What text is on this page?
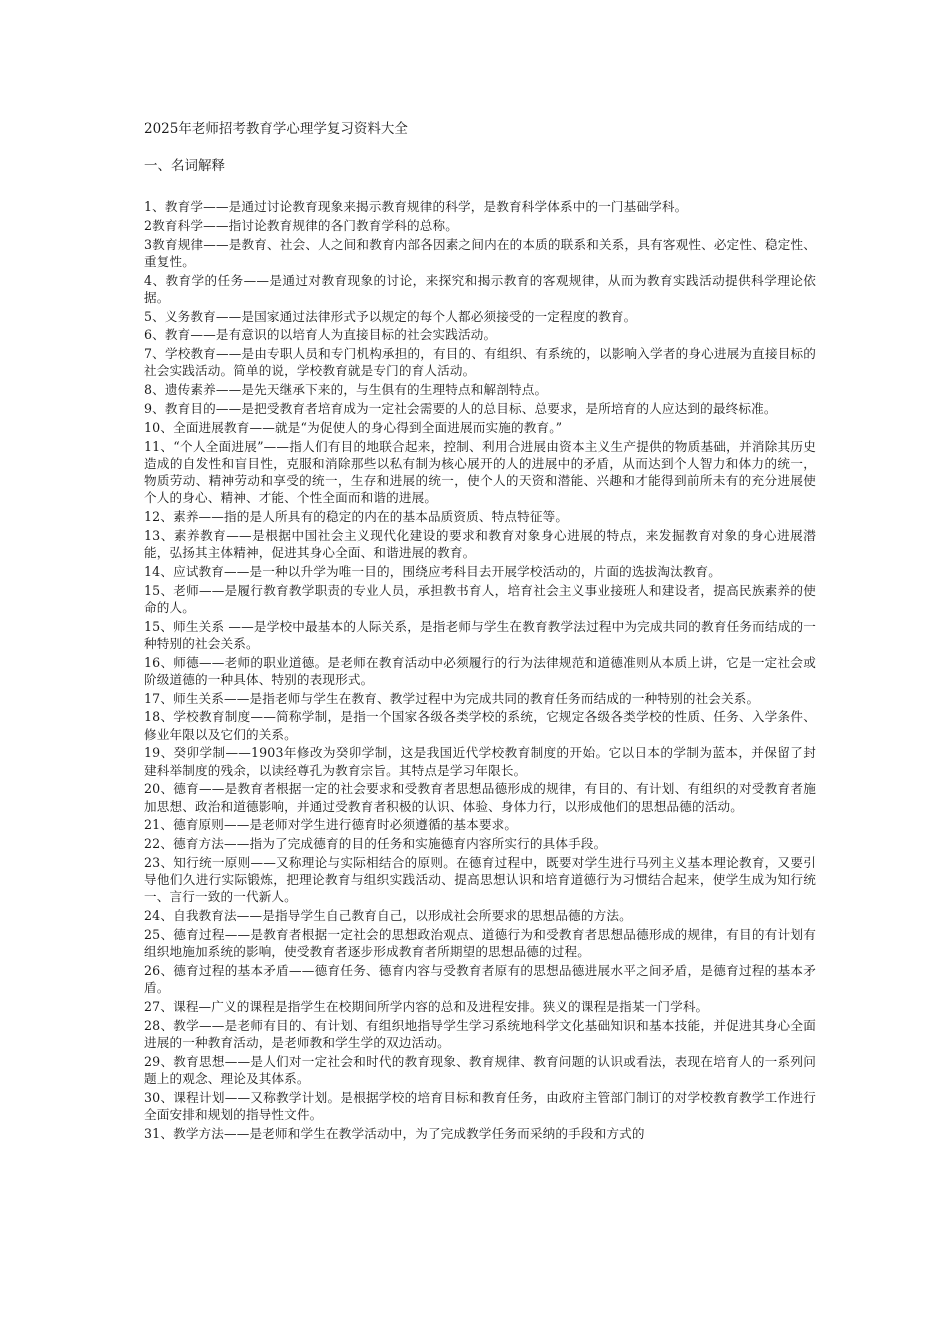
2025年老师招考教育学心理学复习资料大全
一、名词解释
1、教育学——是通过讨论教育现象来揭示教育规律的科学，是教育科学体系中的一门基础学科。
2教育科学——指讨论教育规律的各门教育学科的总称。
3教育规律——是教育、社会、人之间和教育内部各因素之间内在的本质的联系和关系，具有客观性、必定性、稳定性、重复性。
4、教育学的任务——是通过对教育现象的讨论，来探究和揭示教育的客观规律，从而为教育实践活动提供科学理论依据。
5、义务教育——是国家通过法律形式予以规定的每个人都必须接受的一定程度的教育。
6、教育——是有意识的以培育人为直接目标的社会实践活动。
7、学校教育——是由专职人员和专门机构承担的，有目的、有组织、有系统的，以影响入学者的身心进展为直接目标的社会实践活动。简单的说，学校教育就是专门的育人活动。
8、遗传素养——是先天继承下来的，与生俱有的生理特点和解剖特点。
9、教育目的——是把受教育者培育成为一定社会需要的人的总目标、总要求，是所培育的人应达到的最终标准。
10、全面进展教育——就是“为促使人的身心得到全面进展而实施的教育。”
11、“个人全面进展”——指人们有目的地联合起来，控制、利用合进展由资本主义生产提供的物质基础，并消除其历史造成的自发性和盲目性，克服和消除那些以私有制为核心展开的人的进展中的矛盾，从而达到个人智力和体力的统一，物质劳动、精神劳动和享受的统一，生存和进展的统一，使个人的天资和潜能、兴趣和才能得到前所未有的充分进展使个人的身心、精神、才能、个性全面而和谐的进展。
12、素养——指的是人所具有的稳定的内在的基本品质资质、特点特征等。
13、素养教育——是根据中国社会主义现代化建设的要求和教育对象身心进展的特点，来发掘教育对象的身心进展潜能，弘扬其主体精神，促进其身心全面、和谐进展的教育。
14、应试教育——是一种以升学为唯一目的，围绕应考科目去开展学校活动的，片面的选拔淘汰教育。
15、老师——是履行教育教学职责的专业人员，承担教书育人，培育社会主义事业接班人和建设者，提高民族素养的使命的人。
15、师生关系 ——是学校中最基本的人际关系，是指老师与学生在教育教学法过程中为完成共同的教育任务而结成的一种特别的社会关系。
16、师德——老师的职业道德。是老师在教育活动中必须履行的行为法律规范和道德准则从本质上讲，它是一定社会或阶级道德的一种具体、特别的表现形式。
17、师生关系——是指老师与学生在教育、教学过程中为完成共同的教育任务而结成的一种特别的社会关系。
18、学校教育制度——简称学制，是指一个国家各级各类学校的系统，它规定各级各类学校的性质、任务、入学条件、修业年限以及它们的关系。
19、癸卯学制——1903年修改为癸卯学制，这是我国近代学校教育制度的开始。它以日本的学制为蓝本，并保留了封建科举制度的残余，以读经尊孔为教育宗旨。其特点是学习年限长。
20、德育——是教育者根据一定的社会要求和受教育者思想品德形成的规律，有目的、有计划、有组织的对受教育者施加思想、政治和道德影响，并通过受教育者积极的认识、体验、身体力行，以形成他们的思想品德的活动。
21、德育原则——是老师对学生进行德育时必须遵循的基本要求。
22、德育方法——指为了完成德育的目的任务和实施德育内容所实行的具体手段。
23、知行统一原则——又称理论与实际相结合的原则。在德育过程中，既要对学生进行马列主义基本理论教育，又要引导他们久进行实际锻炼，把理论教育与组织实践活动、提高思想认识和培育道德行为习惯结合起来，使学生成为知行统一、言行一致的一代新人。
24、自我教育法——是指导学生自己教育自己，以形成社会所要求的思想品德的方法。
25、德育过程——是教育者根据一定社会的思想政治观点、道德行为和受教育者思想品德形成的规律，有目的有计划有组织地施加系统的影响，使受教育者逐步形成教育者所期望的思想品德的过程。
26、德育过程的基本矛盾——德育任务、德育内容与受教育者原有的思想品德进展水平之间矛盾，是德育过程的基本矛盾。
27、课程—广义的课程是指学生在校期间所学内容的总和及进程安排。狭义的课程是指某一门学科。
28、教学——是老师有目的、有计划、有组织地指导学生学习系统地科学文化基础知识和基本技能，并促进其身心全面进展的一种教育活动，是老师教和学生学的双边活动。
29、教育思想——是人们对一定社会和时代的教育现象、教育规律、教育问题的认识或看法，表现在培育人的一系列问题上的观念、理论及其体系。
30、课程计划——又称教学计划。是根据学校的培育目标和教育任务，由政府主管部门制订的对学校教育教学工作进行全面安排和规划的指导性文件。
31、教学方法——是老师和学生在教学活动中，为了完成教学任务而采纳的手段和方式的
